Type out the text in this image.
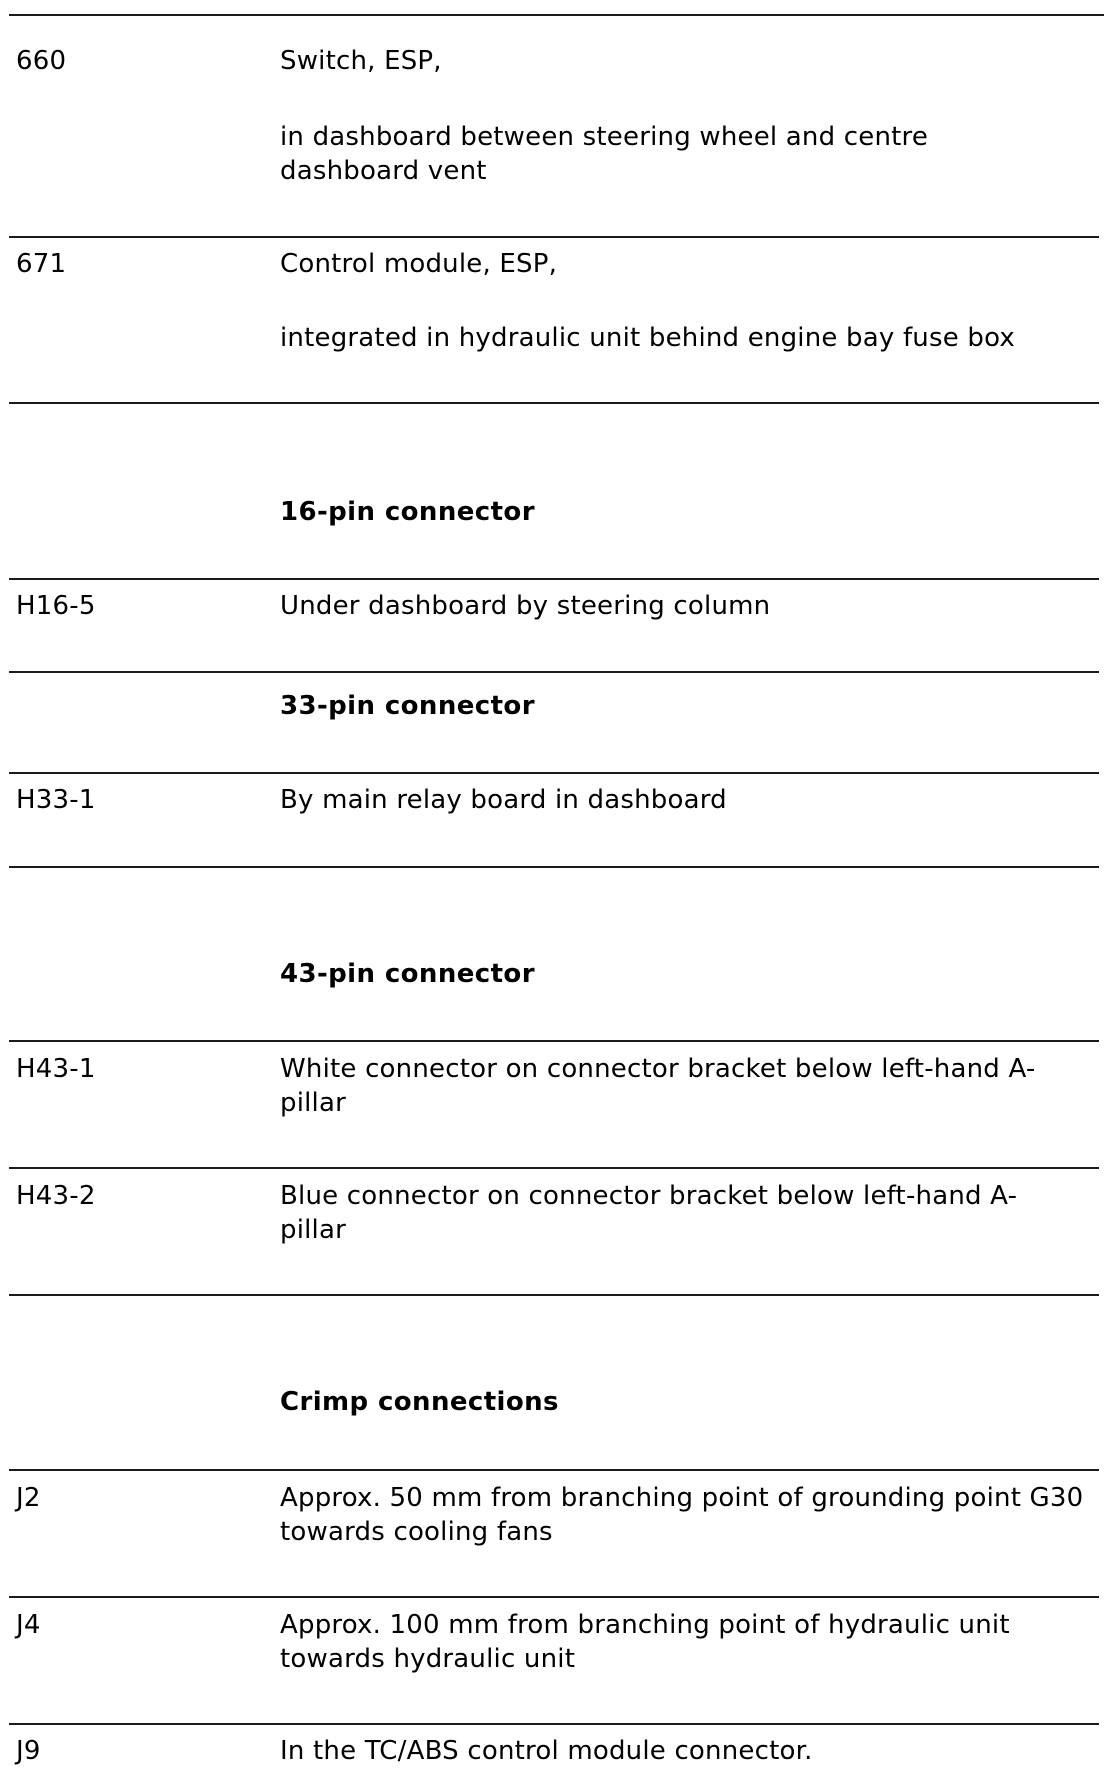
660	Switch, ESP,
in dashboard between steering wheel and centre dashboard vent
671	Control module, ESP,
integrated in hydraulic unit behind engine bay fuse box
16-pin connector
H16-5	Under dashboard by steering column
33-pin connector
H33-1	By main relay board in dashboard
43-pin connector
H43-1	White connector on connector bracket below left-hand A-pillar
H43-2	Blue connector on connector bracket below left-hand A-pillar
Crimp connections
J2	Approx. 50 mm from branching point of grounding point G30 towards cooling fans
J4	Approx. 100 mm from branching point of hydraulic unit towards hydraulic unit
J9	In the TC/ABS control module connector.
